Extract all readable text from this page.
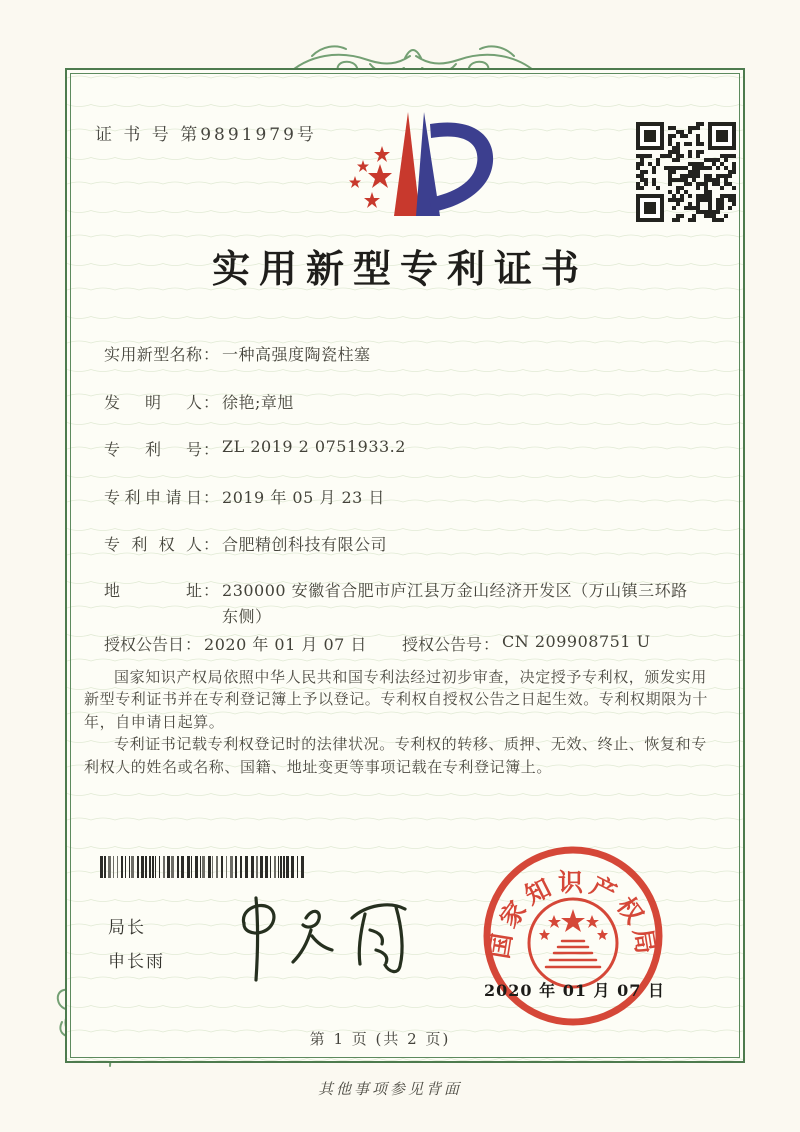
证 书 号 第9891979号
实用新型专利证书
实用新型名称 ： 一种高强度陶瓷柱塞
发明人 ： 徐艳;章旭
专利号 ： ZL 2019 2 0751933.2
专利申请日 ： 2019 年 05 月 23 日
专利权人 ： 合肥精创科技有限公司
地址 ： 230000 安徽省合肥市庐江县万金山经济开发区（万山镇三环路东侧）
授权公告日 ： 2020 年 01 月 07 日 授权公告号 ： CN 209908751 U

国家知识产权局依照中华人民共和国专利法经过初步审查，决定授予专利权，颁发实用新型专利证书并在专利登记簿上予以登记。专利权自授权公告之日起生效。专利权期限为十年，自申请日起算。

专利证书记载专利权登记时的法律状况。专利权的转移、质押、无效、终止、恢复和专利权人的姓名或名称、国籍、地址变更等事项记载在专利登记簿上。

局长
申长雨
国家知识产权局
2020 年 01 月 07 日
第 1 页 (共 2 页)
其他事项参见背面
